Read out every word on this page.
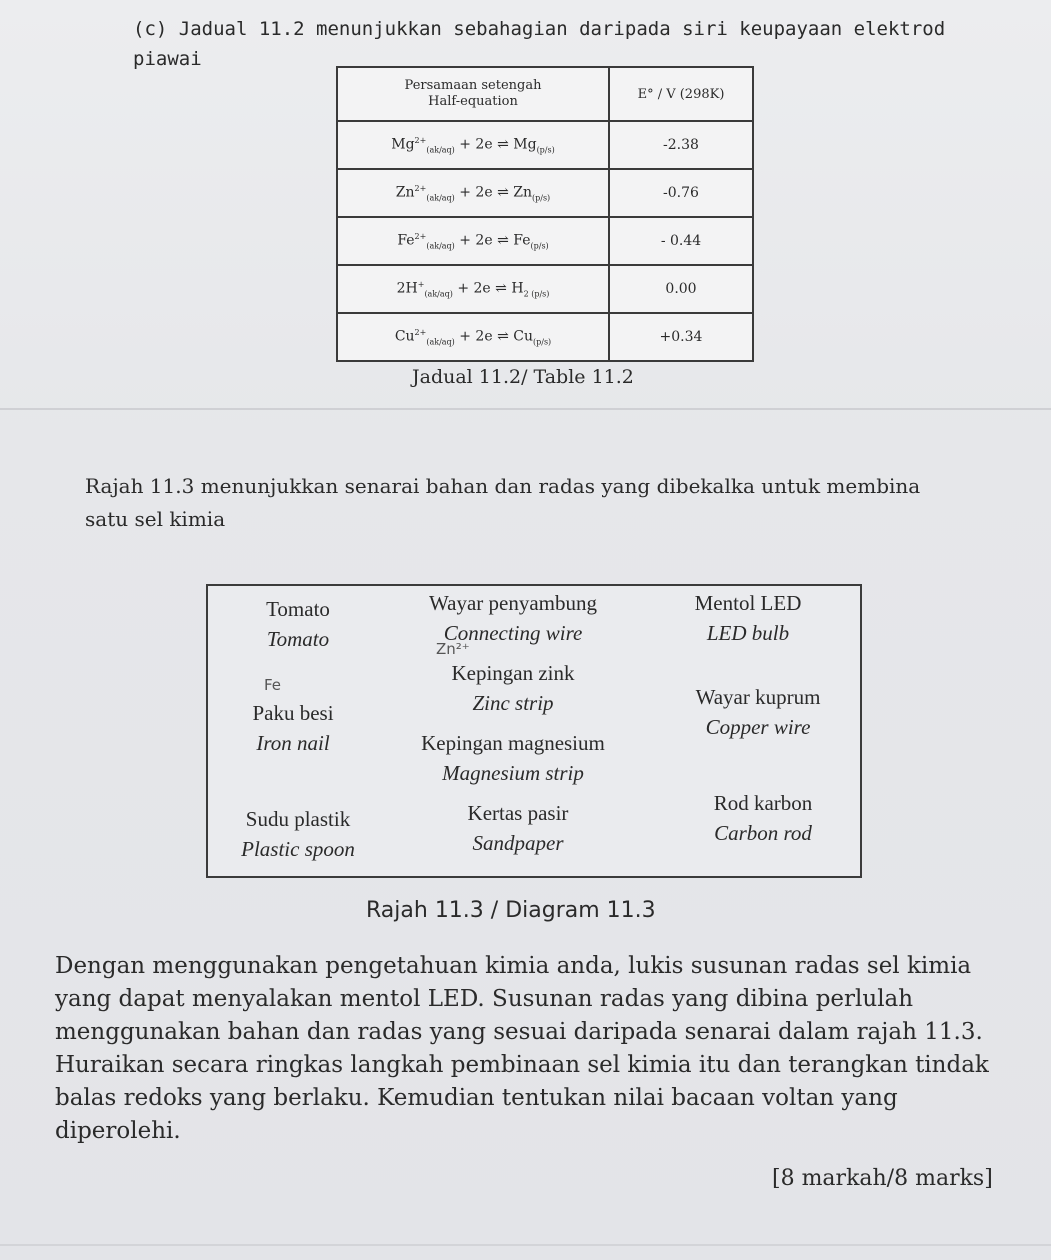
(c) Jadual 11.2 menunjukkan sebahagian daripada siri keupayaan elektrod
piawai
Persamaan setengah
Half-equation	E° / V (298K)
$Mg^{2+}_{(ak/aq)} + 2e$ ⇌ $Mg_{(p/s)}$	-2.38
$Zn^{2+}_{(ak/aq)} + 2e$ ⇌ $Zn_{(p/s)}$	-0.76
$Fe^{2+}_{(ak/aq)} + 2e$ ⇌ $Fe_{(p/s)}$	- 0.44
$2H^+_{(ak/aq)} + 2e$ ⇌ $H_{2 (p/s)}$	0.00
$Cu^{2+}_{(ak/aq)} + 2e$ ⇌ $Cu_{(p/s)}$	+0.34
Jadual 11.2/ Table 11.2
Rajah 11.3 menunjukkan senarai bahan dan radas yang dibekalka untuk membina satu sel kimia
Tomato
Tomato
Wayar penyambung
Connecting wire
Mentol LED
LED bulb
Zn²⁺
Kepingan zink
Zinc strip
Fe
Paku besi
Iron nail
Wayar kuprum
Copper wire
Kepingan magnesium
Magnesium strip
Sudu plastik
Plastic spoon
Kertas pasir
Sandpaper
Rod karbon
Carbon rod
Rajah 11.3 / Diagram 11.3
Dengan menggunakan pengetahuan kimia anda, lukis susunan radas sel kimia yang dapat menyalakan mentol LED. Susunan radas yang dibina perlulah menggunakan bahan dan radas yang sesuai daripada senarai dalam rajah 11.3. Huraikan secara ringkas langkah pembinaan sel kimia itu dan terangkan tindak balas redoks yang berlaku. Kemudian tentukan nilai bacaan voltan yang diperolehi.
[8 markah/8 marks]
